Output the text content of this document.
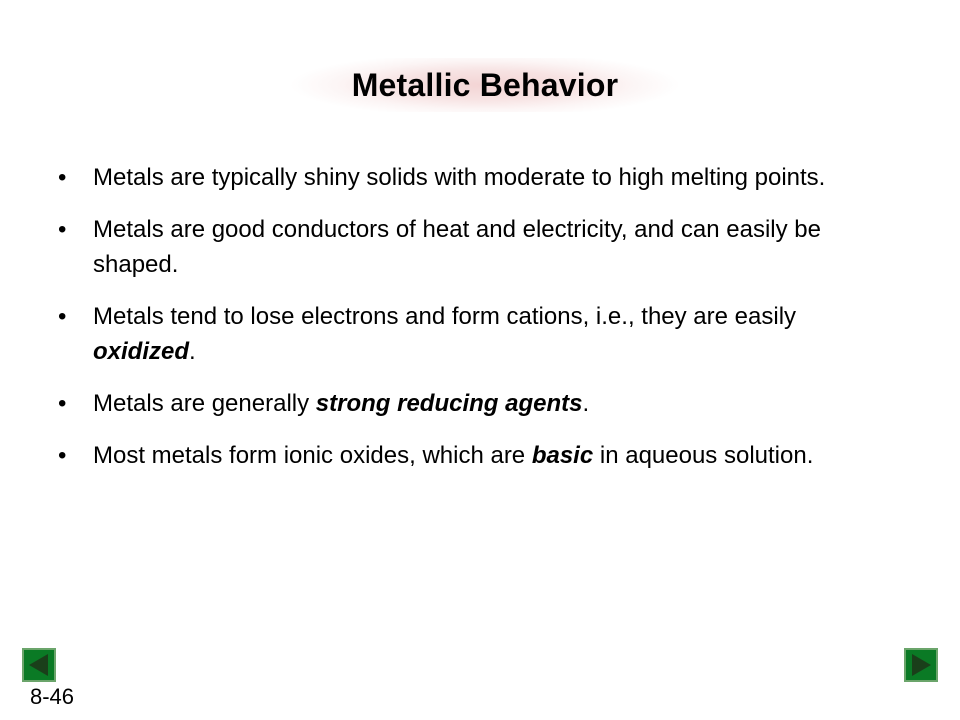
Metallic Behavior
• Metals are typically shiny solids with moderate to high melting points.
• Metals are good conductors of heat and electricity, and can easily be shaped.
• Metals tend to lose electrons and form cations, i.e., they are easily oxidized.
• Metals are generally strong reducing agents.
• Most metals form ionic oxides, which are basic in aqueous solution.
8-46
